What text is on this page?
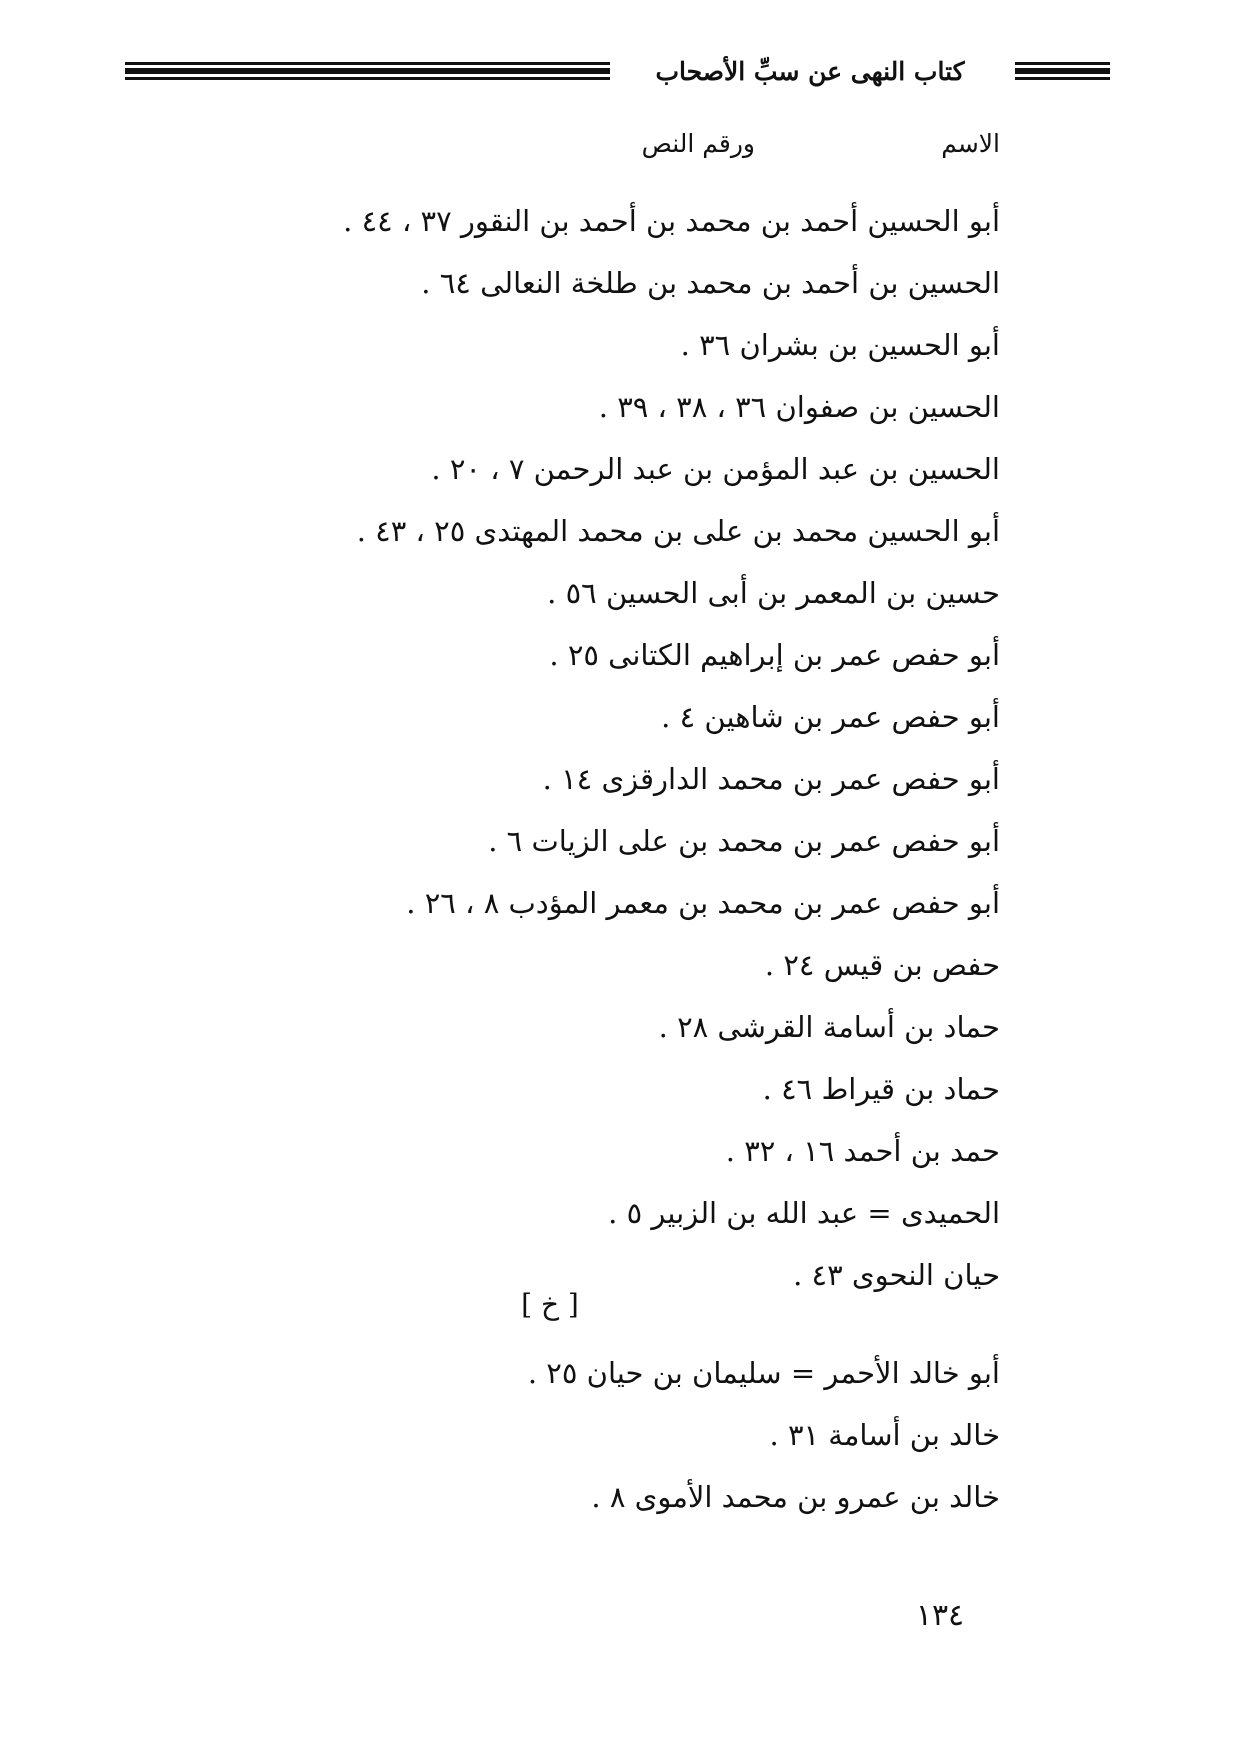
كتاب النهى عن سبِّ الأصحاب
الاسم
ورقم النص
أبو الحسين أحمد بن محمد بن أحمد بن النقور ٣٧ ، ٤٤ .
الحسين بن أحمد بن محمد بن طلخة النعالى ٦٤ .
أبو الحسين بن بشران ٣٦ .
الحسين بن صفوان ٣٦ ، ٣٨ ، ٣٩ .
الحسين بن عبد المؤمن بن عبد الرحمن ٧ ، ٢٠ .
أبو الحسين محمد بن على بن محمد المهتدى ٢٥ ، ٤٣ .
حسين بن المعمر بن أبى الحسين ٥٦ .
أبو حفص عمر بن إبراهيم الكتانى ٢٥ .
أبو حفص عمر بن شاهين ٤ .
أبو حفص عمر بن محمد الدارقزى ١٤ .
أبو حفص عمر بن محمد بن على الزيات ٦ .
أبو حفص عمر بن محمد بن معمر المؤدب ٨ ، ٢٦ .
حفص بن قيس ٢٤ .
حماد بن أسامة القرشى ٢٨ .
حماد بن قيراط ٤٦ .
حمد بن أحمد ١٦ ، ٣٢ .
الحميدى = عبد الله بن الزبير ٥ .
حيان النحوى ٤٣ .
[ خ ]
أبو خالد الأحمر = سليمان بن حيان ٢٥ .
خالد بن أسامة ٣١ .
خالد بن عمرو بن محمد الأموى ٨ .
١٣٤
